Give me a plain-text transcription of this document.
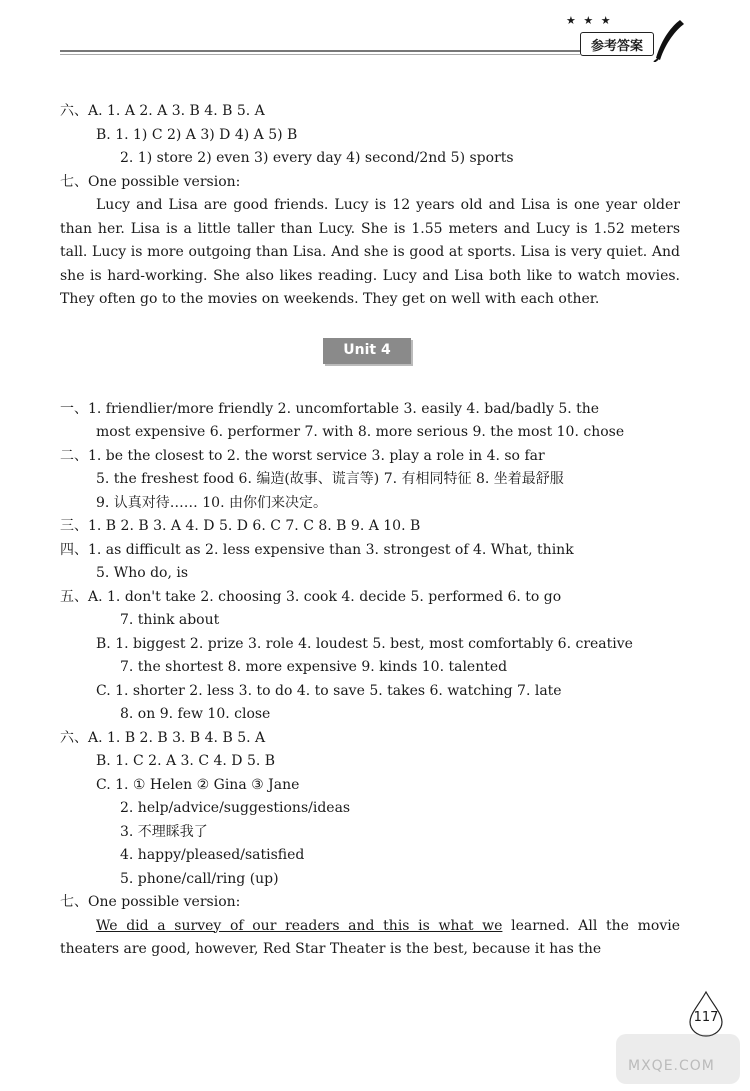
★ ★ ★
参考答案
六、A. 1. A 2. A 3. B 4. B 5. A
B. 1. 1) C 2) A 3) D 4) A 5) B
2. 1) store 2) even 3) every day 4) second/2nd 5) sports
七、One possible version:
Lucy and Lisa are good friends. Lucy is 12 years old and Lisa is one year older than her. Lisa is a little taller than Lucy. She is 1.55 meters and Lucy is 1.52 meters tall. Lucy is more outgoing than Lisa. And she is good at sports. Lisa is very quiet. And she is hard-working. She also likes reading. Lucy and Lisa both like to watch movies. They often go to the movies on weekends. They get on well with each other.
Unit 4
一、1. friendlier/more friendly 2. uncomfortable 3. easily 4. bad/badly 5. the
most expensive 6. performer 7. with 8. more serious 9. the most 10. chose
二、1. be the closest to 2. the worst service 3. play a role in 4. so far
5. the freshest food 6. 编造(故事、谎言等) 7. 有相同特征 8. 坐着最舒服
9. 认真对待…… 10. 由你们来决定。
三、1. B 2. B 3. A 4. D 5. D 6. C 7. C 8. B 9. A 10. B
四、1. as difficult as 2. less expensive than 3. strongest of 4. What, think
5. Who do, is
五、A. 1. don't take 2. choosing 3. cook 4. decide 5. performed 6. to go
7. think about
B. 1. biggest 2. prize 3. role 4. loudest 5. best, most comfortably 6. creative
7. the shortest 8. more expensive 9. kinds 10. talented
C. 1. shorter 2. less 3. to do 4. to save 5. takes 6. watching 7. late
8. on 9. few 10. close
六、A. 1. B 2. B 3. B 4. B 5. A
B. 1. C 2. A 3. C 4. D 5. B
C. 1. ① Helen ② Gina ③ Jane
2. help/advice/suggestions/ideas
3. 不理睬我了
4. happy/pleased/satisfied
5. phone/call/ring (up)
七、One possible version:
We did a survey of our readers and this is what we learned. All the movie theaters are good, however, Red Star Theater is the best, because it has the
117
MXQE.COM
